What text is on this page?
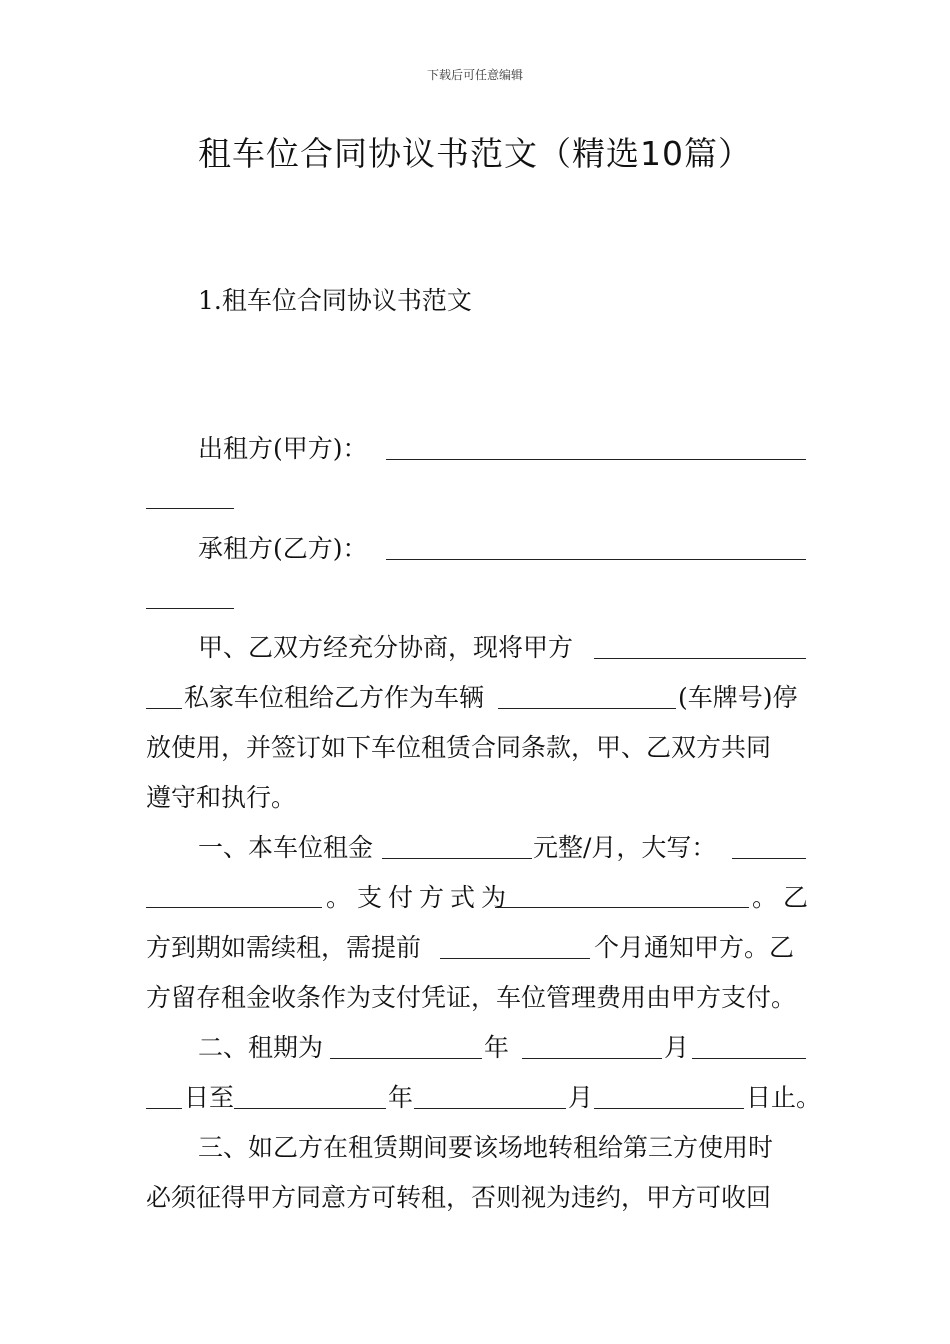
下载后可任意编辑
租车位合同协议书范文（精选10篇）
1.租车位合同协议书范文
出租方(甲方)：
承租方(乙方)：
甲、乙双方经充分协商，现将甲方
私家车位租给乙方作为车辆	(车牌号)停
放使用，并签订如下车位租赁合同条款，甲、乙双方共同
遵守和执行。
一、本车位租金	元整/月，大写：
。支付方式为	。乙
方到期如需续租，需提前	个月通知甲方。乙
方留存租金收条作为支付凭证，车位管理费用由甲方支付。
二、租期为	年	月
日至	年	月	日止。
三、如乙方在租赁期间要该场地转租给第三方使用时
必须征得甲方同意方可转租，否则视为违约，甲方可收回
